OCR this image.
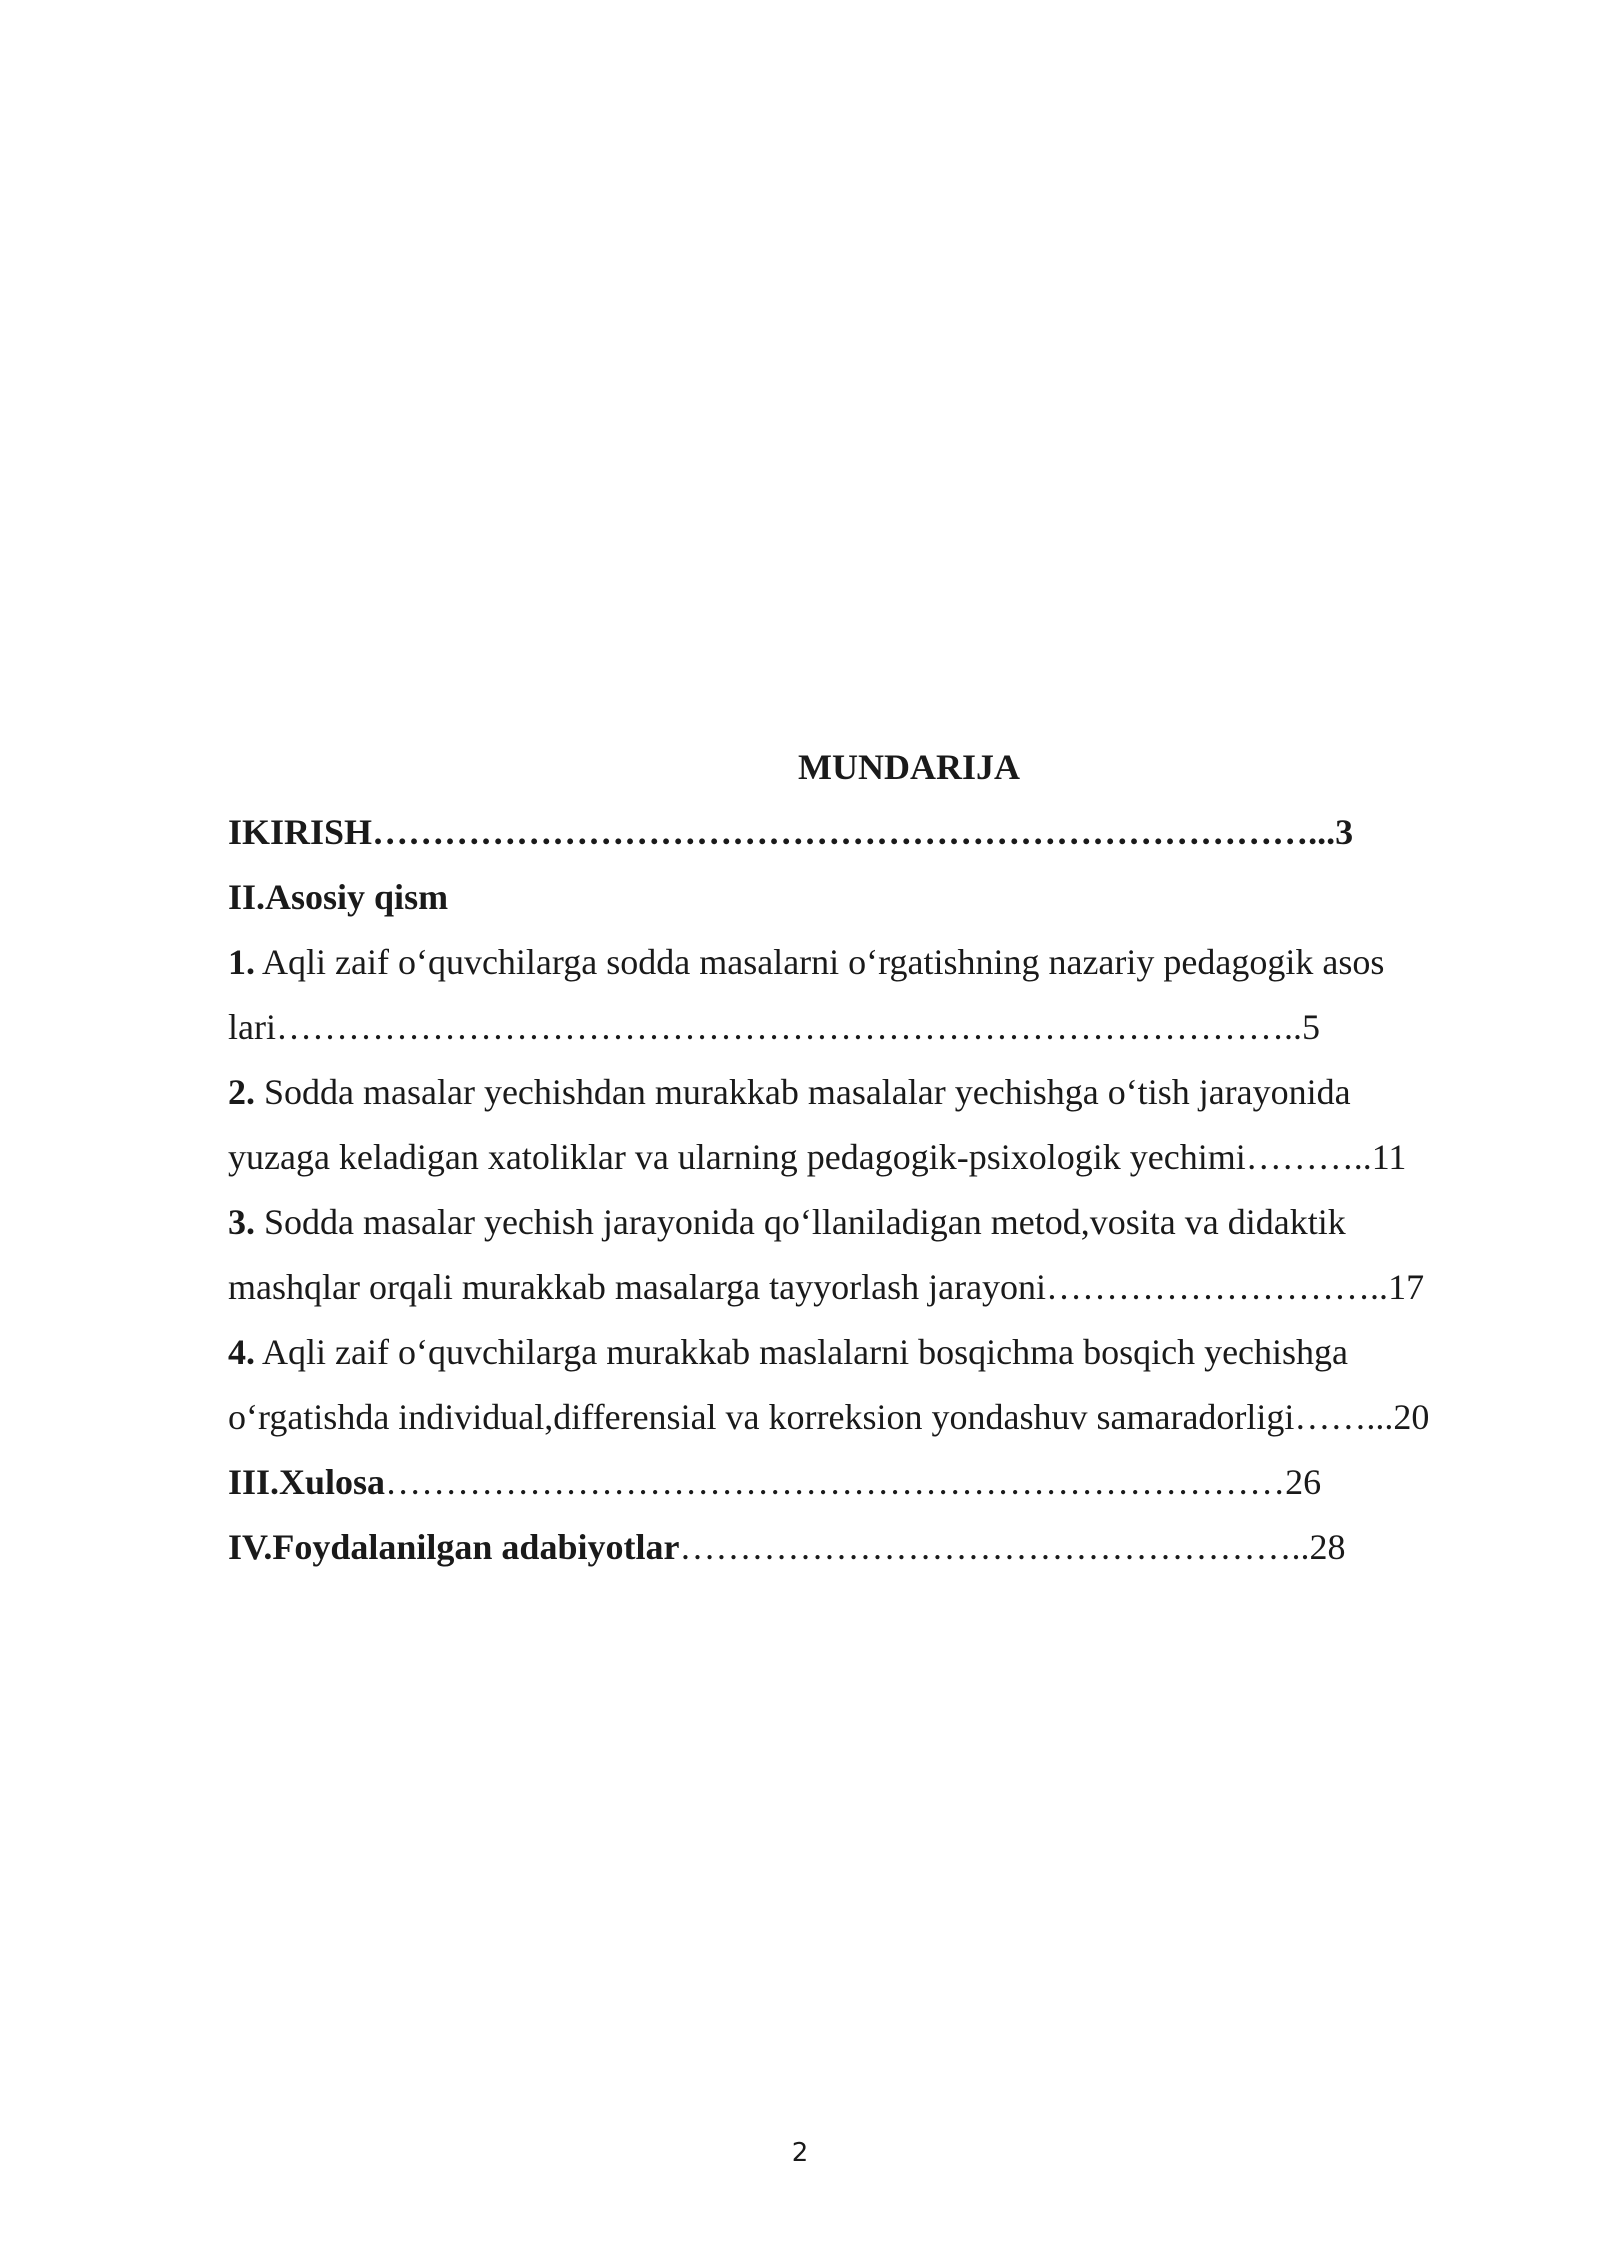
MUNDARIJA
IKIRISH……………………………………………………………………...3
II.Asosiy qism
1. Aqli zaif o‘quvchilarga sodda masalarni o‘rgatishning nazariy pedagogik asos
lari…………………………………………………………………………..5
2. Sodda masalar yechishdan murakkab masalalar yechishga o‘tish jarayonida
yuzaga keladigan xatoliklar va ularning pedagogik-psixologik yechimi………..11
3. Sodda masalar yechish jarayonida qo‘llaniladigan metod,vosita va didaktik
mashqlar orqali murakkab masalarga tayyorlash jarayoni………………………..17
4. Aqli zaif o‘quvchilarga murakkab maslalarni bosqichma bosqich yechishga
o‘rgatishda individual,differensial va korreksion yondashuv samaradorligi……...20
III.Xulosa…………………………………………………………………26
IV.Foydalanilgan adabiyotlar……………………………………………..28
2
